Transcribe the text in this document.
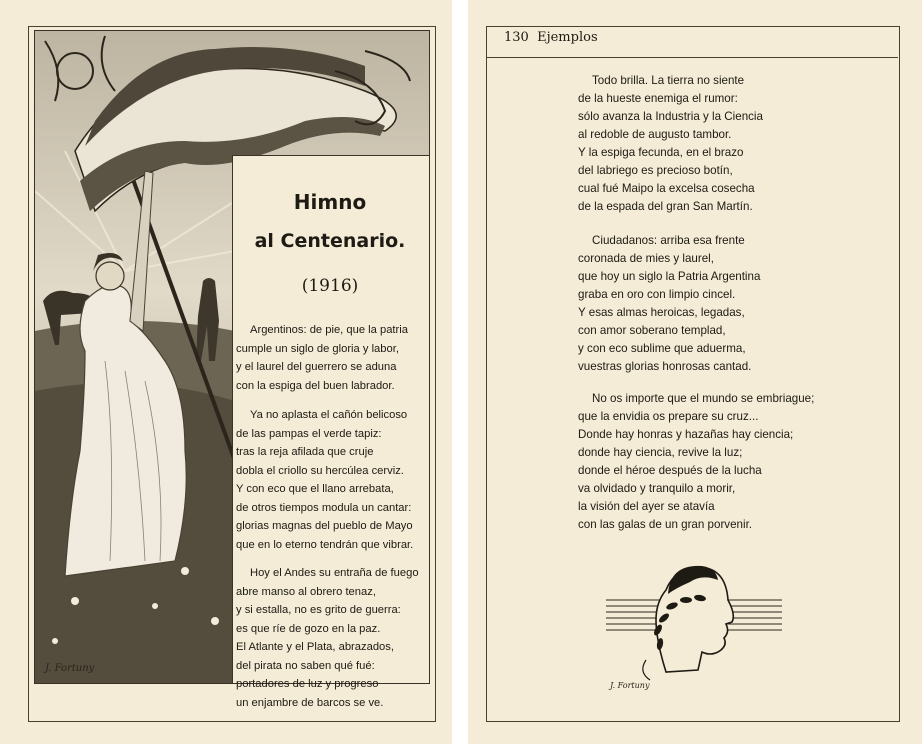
J. Fortuny
Himno
al Centenario.
(1916)
Argentinos: de pie, que la patria
cumple un siglo de gloria y labor,
y el laurel del guerrero se aduna
con la espiga del buen labrador.
Ya no aplasta el cañón belicoso
de las pampas el verde tapiz:
tras la reja afilada que cruje
dobla el criollo su hercúlea cerviz.
Y con eco que el llano arrebata,
de otros tiempos modula un cantar:
glorias magnas del pueblo de Mayo
que en lo eterno tendrán que vibrar.
Hoy el Andes su entraña de fuego
abre manso al obrero tenaz,
y si estalla, no es grito de guerra:
es que ríe de gozo en la paz.
El Atlante y el Plata, abrazados,
del pirata no saben qué fué:
portadores de luz y progreso
un enjambre de barcos se ve.
130 Ejemplos
Todo brilla. La tierra no siente
de la hueste enemiga el rumor:
sólo avanza la Industria y la Ciencia
al redoble de augusto tambor.
Y la espiga fecunda, en el brazo
del labriego es precioso botín,
cual fué Maipo la excelsa cosecha
de la espada del gran San Martín.
Ciudadanos: arriba esa frente
coronada de mies y laurel,
que hoy un siglo la Patria Argentina
graba en oro con limpio cincel.
Y esas almas heroicas, legadas,
con amor soberano templad,
y con eco sublime que aduerma,
vuestras glorias honrosas cantad.
No os importe que el mundo se embriague;
que la envidia os prepare su cruz...
Donde hay honras y hazañas hay ciencia;
donde hay ciencia, revive la luz;
donde el héroe después de la lucha
va olvidado y tranquilo a morir,
la visión del ayer se atavía
con las galas de un gran porvenir.
J. Fortuny
